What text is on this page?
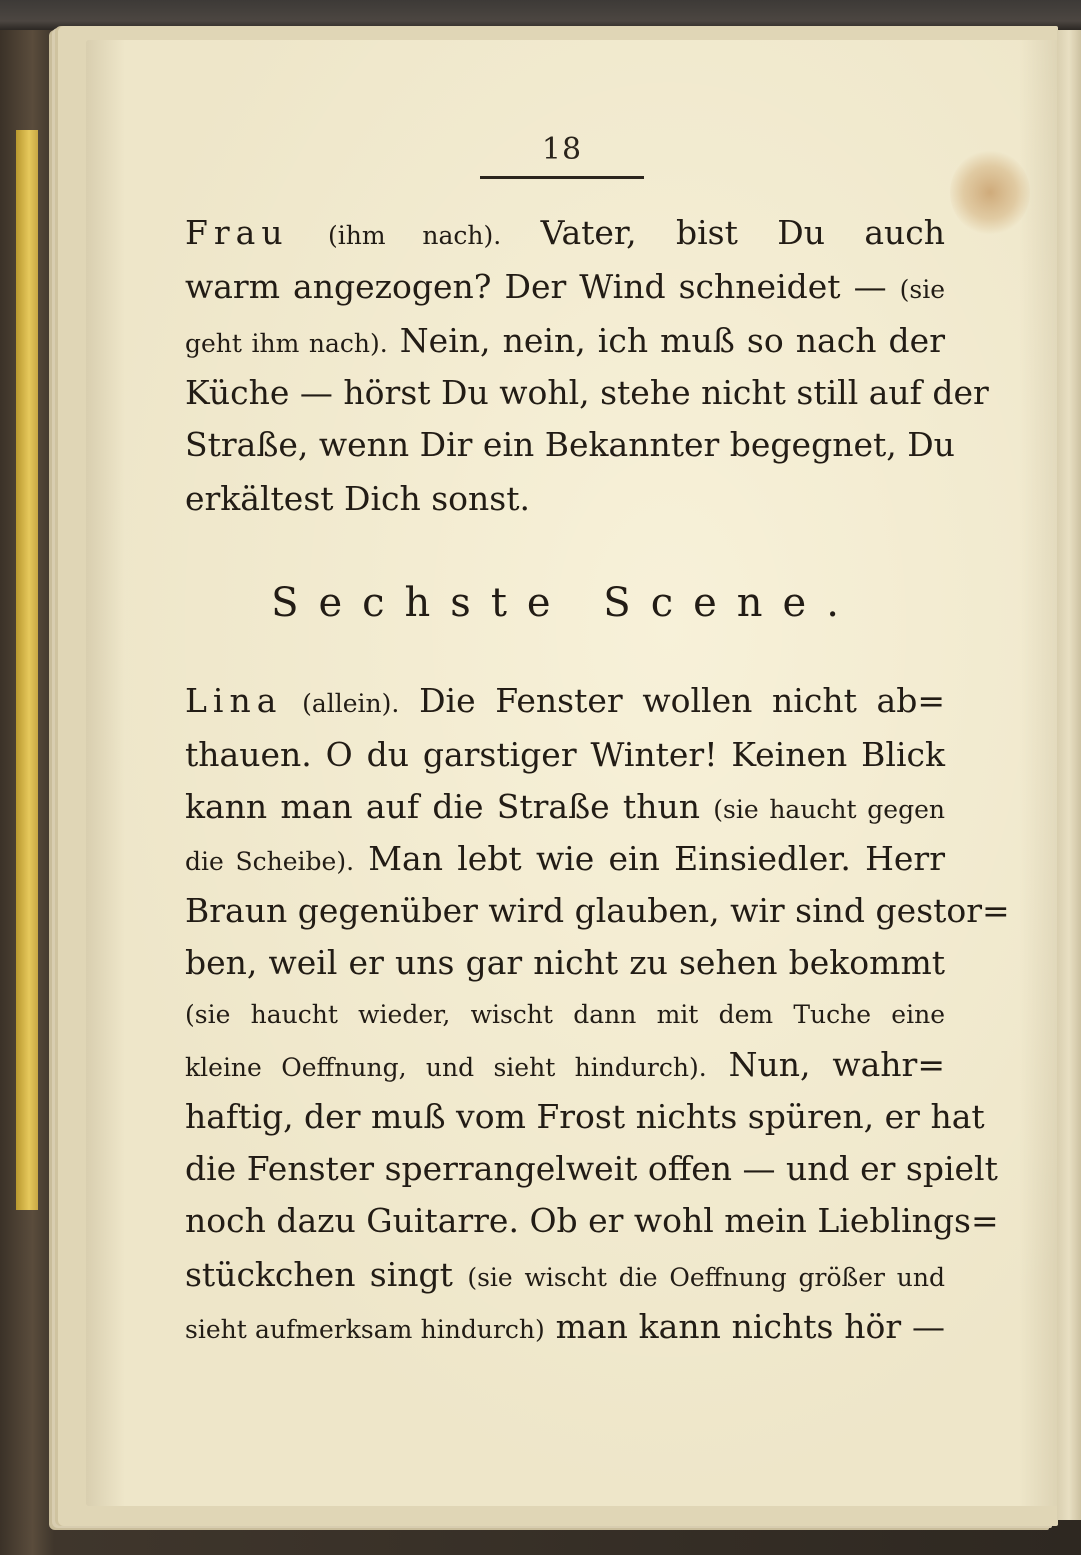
18
Frau (ihm nach). Vater, bist Du auch
warm angezogen? Der Wind schneidet — (sie
geht ihm nach). Nein, nein, ich muß so nach der
Küche — hörst Du wohl, stehe nicht still auf der
Straße, wenn Dir ein Bekannter begegnet, Du
erkältest Dich sonst.
Sechste Scene.
Lina (allein). Die Fenster wollen nicht ab=
thauen. O du garstiger Winter! Keinen Blick
kann man auf die Straße thun (sie haucht gegen
die Scheibe). Man lebt wie ein Einsiedler. Herr
Braun gegenüber wird glauben, wir sind gestor=
ben, weil er uns gar nicht zu sehen bekommt
(sie haucht wieder, wischt dann mit dem Tuche eine
kleine Oeffnung, und sieht hindurch). Nun, wahr=
haftig, der muß vom Frost nichts spüren, er hat
die Fenster sperrangelweit offen — und er spielt
noch dazu Guitarre. Ob er wohl mein Lieblings=
stückchen singt (sie wischt die Oeffnung größer und
sieht aufmerksam hindurch) man kann nichts hör —
